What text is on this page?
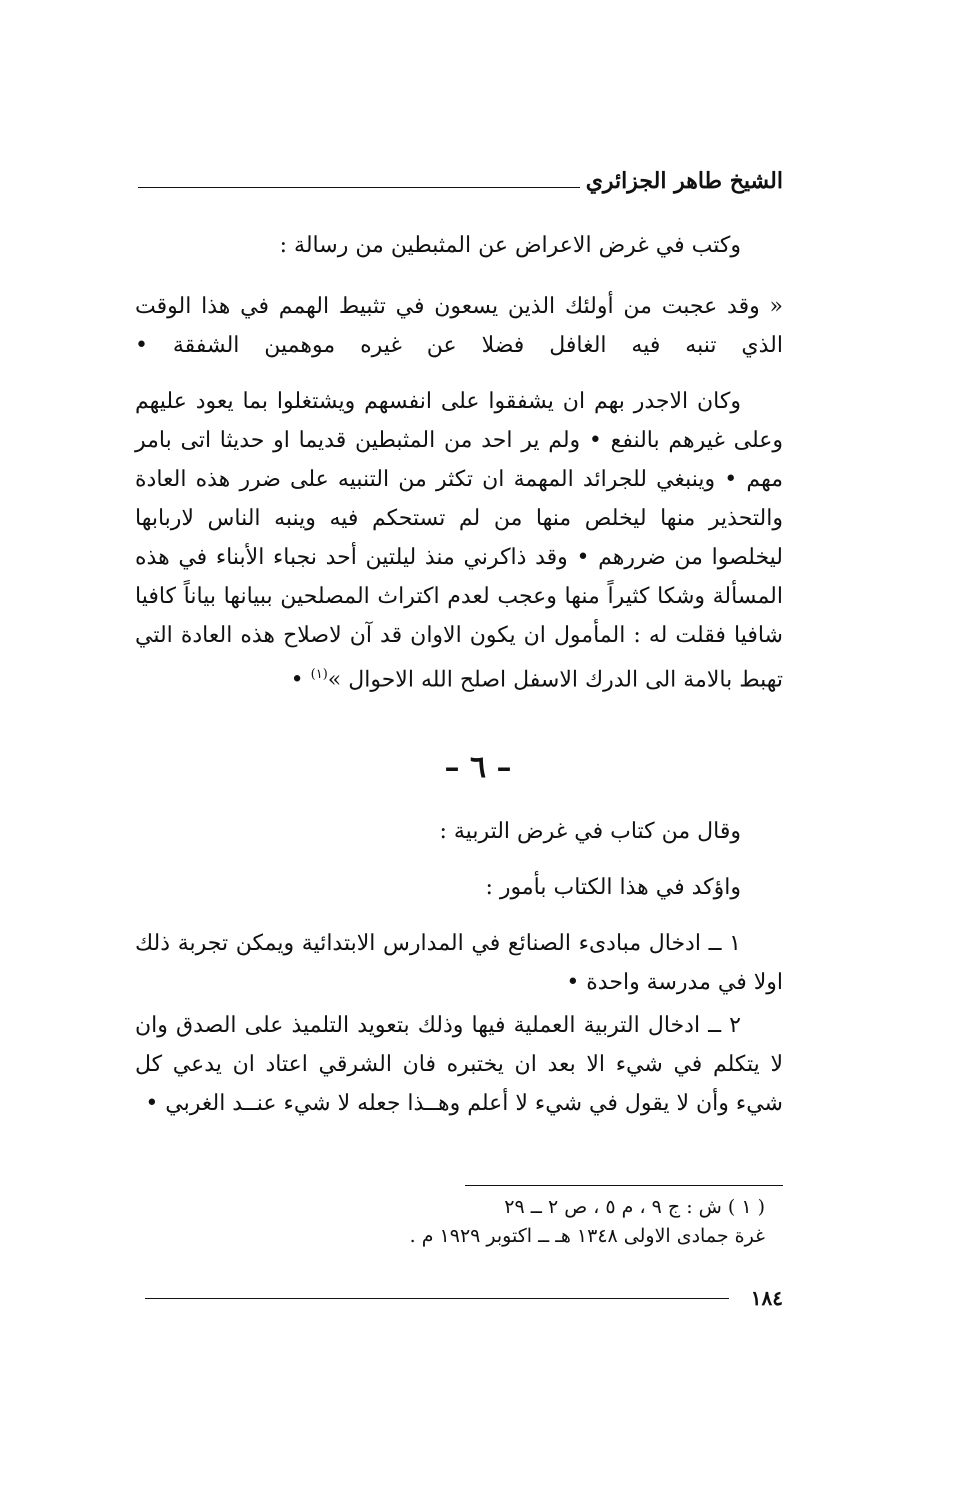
الشيخ طاهر الجزائري

وكتب في غرض الاعراض عن المثبطين من رسالة :

« وقد عجبت من أولئك الذين يسعون في تثبيط الهمم في هذا الوقت الذي تنبه فيه الغافل فضلا عن غيره موهمين الشفقة •

وكان الاجدر بهم ان يشفقوا على انفسهم ويشتغلوا بما يعود عليهم وعلى غيرهم بالنفع • ولم ير احد من المثبطين قديما او حديثا اتى بامر مهم • وينبغي للجرائد المهمة ان تكثر من التنبيه على ضرر هذه العادة والتحذير منها ليخلص منها من لم تستحكم فيه وينبه الناس لاربابها ليخلصوا من ضررهم • وقد ذاكرني منذ ليلتين أحد نجباء الأبناء في هذه المسألة وشكا كثيراً منها وعجب لعدم اكتراث المصلحين ببيانها بياناً كافيا شافيا فقلت له : المأمول ان يكون الاوان قد آن لاصلاح هذه العادة التي تهبط بالامة الى الدرك الاسفل اصلح الله الاحوال »$^{(١)}$ •

– ٦ –

وقال من كتاب في غرض التربية :

واؤكد في هذا الكتاب بأمور :

١ ــ ادخال مبادىء الصنائع في المدارس الابتدائية ويمكن تجربة ذلك اولا في مدرسة واحدة •

٢ ــ ادخال التربية العملية فيها وذلك بتعويد التلميذ على الصدق وان لا يتكلم في شيء الا بعد ان يختبره فان الشرقي اعتاد ان يدعي كل شيء وأن لا يقول في شيء لا أعلم وهــذا جعله لا شيء عنــد الغربي •

( ١ ) ش : ج ٩ ، م ٥ ، ص ٢ ــ ٢٩

غرة جمادى الاولى ١٣٤٨ هـ ــ اكتوبر ١٩٢٩ م .

١٨٤
